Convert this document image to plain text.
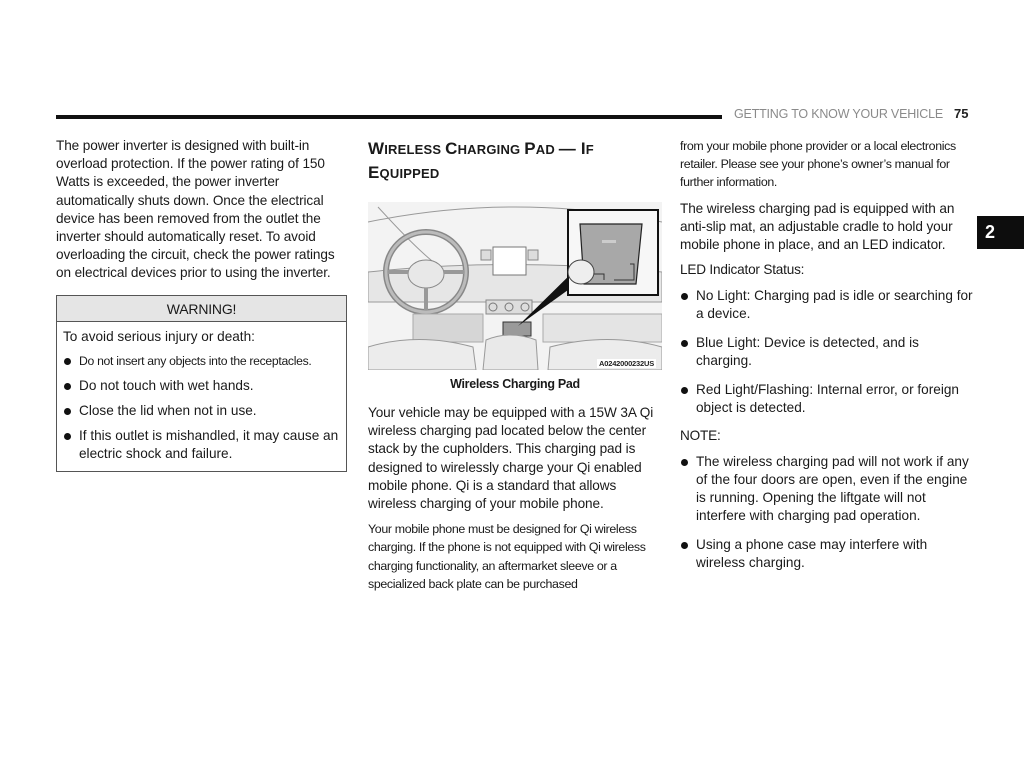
GETTING TO KNOW YOUR VEHICLE 75
2

The power inverter is designed with built-in overload protection. If the power rating of 150 Watts is exceeded, the power inverter automatically shuts down. Once the electrical device has been removed from the outlet the inverter should automatically reset. To avoid overloading the circuit, check the power ratings on electrical devices prior to using the inverter.

WARNING!
To avoid serious injury or death:
Do not insert any objects into the receptacles.
Do not touch with wet hands.
Close the lid when not in use.
If this outlet is mishandled, it may cause an electric shock and failure.
WIRELESS CHARGING PAD — IF
EQUIPPED
A0242000232US
Wireless Charging Pad

Your vehicle may be equipped with a 15W 3A Qi wireless charging pad located below the center stack by the cupholders. This charging pad is designed to wirelessly charge your Qi enabled mobile phone. Qi is a standard that allows wireless charging of your mobile phone.

Your mobile phone must be designed for Qi wireless charging. If the phone is not equipped with Qi wireless charging functionality, an aftermarket sleeve or a specialized back plate can be purchased

from your mobile phone provider or a local electronics retailer. Please see your phone’s owner’s manual for further information.

The wireless charging pad is equipped with an anti-slip mat, an adjustable cradle to hold your mobile phone in place, and an LED indicator.

LED Indicator Status:
No Light: Charging pad is idle or searching for a device.
Blue Light: Device is detected, and is charging.
Red Light/Flashing: Internal error, or foreign object is detected.
NOTE:
The wireless charging pad will not work if any of the four doors are open, even if the engine is running. Opening the liftgate will not interfere with charging pad operation.
Using a phone case may interfere with wireless charging.
